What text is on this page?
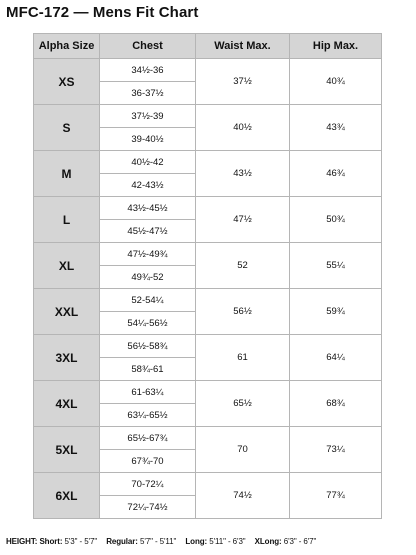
MFC-172 — Mens Fit Chart
Alpha Size	Chest	Waist Max.	Hip Max.
XS	34½-36	37½	40¾
	36-37½		
S	37½-39	40½	43¾
	39-40½		
M	40½-42	43½	46¾
	42-43½		
L	43½-45½	47½	50¾
	45½-47½		
XL	47½-49¾	52	55¼
	49¾-52		
XXL	52-54¼	56½	59¾
	54¼-56½		
3XL	56½-58¾	61	64¼
	58¾-61		
4XL	61-63¼	65½	68¾
	63¼-65½		
5XL	65½-67¾	70	73¼
	67¾-70		
6XL	70-72¼	74½	77¾
	72¼-74½		
HEIGHT: Short: 5'3" - 5'7" Regular: 5'7" - 5'11" Long: 5'11" - 6'3" XLong: 6'3" - 6'7"
